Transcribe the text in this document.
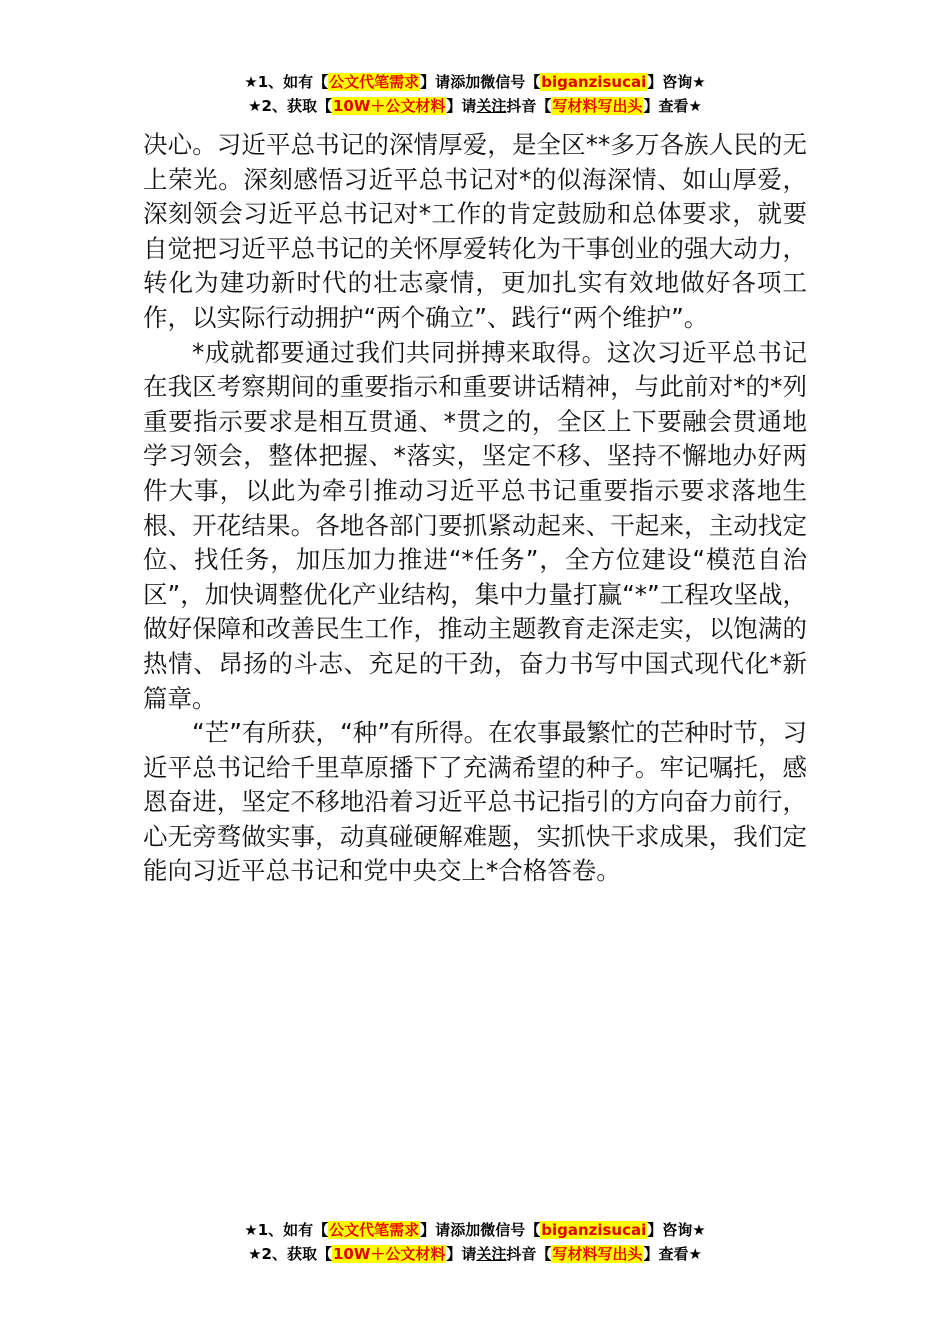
★1、如有【公文代笔需求】请添加微信号【biganzisucai】咨询★
★2、获取【10W＋公文材料】请关注抖音【写材料写出头】查看★

决心。习近平总书记的深情厚爱，是全区**多万各族人民的无上荣光。深刻感悟习近平总书记对*的似海深情、如山厚爱，深刻领会习近平总书记对*工作的肯定鼓励和总体要求，就要自觉把习近平总书记的关怀厚爱转化为干事创业的强大动力，转化为建功新时代的壮志豪情，更加扎实有效地做好各项工作，以实际行动拥护“两个确立”、践行“两个维护”。

*成就都要通过我们共同拼搏来取得。这次习近平总书记在我区考察期间的重要指示和重要讲话精神，与此前对*的*列重要指示要求是相互贯通、*贯之的，全区上下要融会贯通地学习领会，整体把握、*落实，坚定不移、坚持不懈地办好两件大事，以此为牵引推动习近平总书记重要指示要求落地生根、开花结果。各地各部门要抓紧动起来、干起来，主动找定位、找任务，加压加力推进“*任务”，全方位建设“模范自治区”，加快调整优化产业结构，集中力量打赢“*”工程攻坚战，做好保障和改善民生工作，推动主题教育走深走实，以饱满的热情、昂扬的斗志、充足的干劲，奋力书写中国式现代化*新篇章。

“芒”有所获，“种”有所得。在农事最繁忙的芒种时节，习近平总书记给千里草原播下了充满希望的种子。牢记嘱托，感恩奋进，坚定不移地沿着习近平总书记指引的方向奋力前行，心无旁骛做实事，动真碰硬解难题，实抓快干求成果，我们定能向习近平总书记和党中央交上*合格答卷。

★1、如有【公文代笔需求】请添加微信号【biganzisucai】咨询★
★2、获取【10W＋公文材料】请关注抖音【写材料写出头】查看★
